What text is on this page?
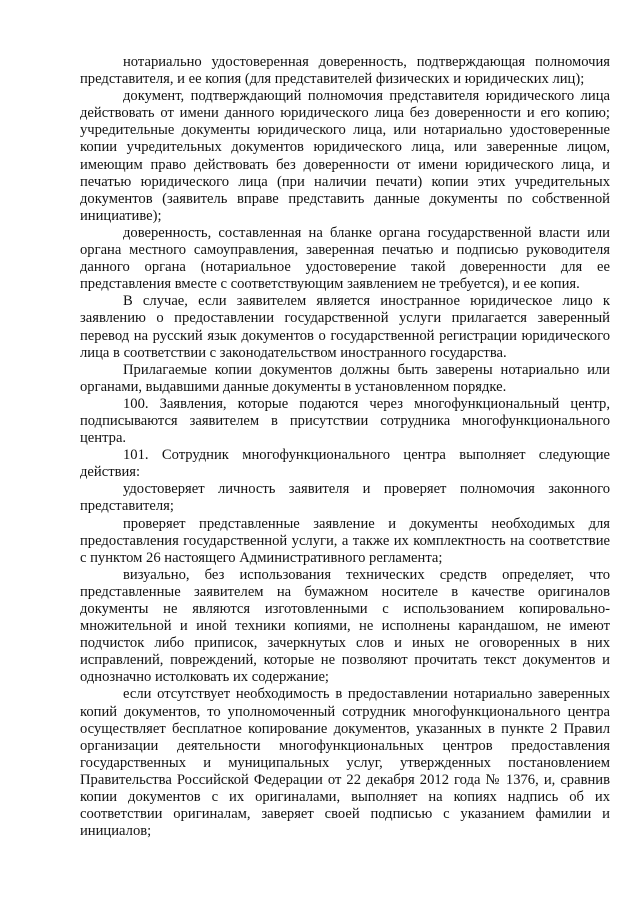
нотариально удостоверенная доверенность, подтверждающая полномочия представителя, и ее копия (для представителей физических и юридических лиц);

документ, подтверждающий полномочия представителя юридического лица действовать от имени данного юридического лица без доверенности и его копию; учредительные документы юридического лица, или нотариально удостоверенные копии учредительных документов юридического лица, или заверенные лицом, имеющим право действовать без доверенности от имени юридического лица, и печатью юридического лица (при наличии печати) копии этих учредительных документов (заявитель вправе представить данные документы по собственной инициативе);

доверенность, составленная на бланке органа государственной власти или органа местного самоуправления, заверенная печатью и подписью руководителя данного органа (нотариальное удостоверение такой доверенности для ее представления вместе с соответствующим заявлением не требуется), и ее копия.

В случае, если заявителем является иностранное юридическое лицо к заявлению о предоставлении государственной услуги прилагается заверенный перевод на русский язык документов о государственной регистрации юридического лица в соответствии с законодательством иностранного государства.

Прилагаемые копии документов должны быть заверены нотариально или органами, выдавшими данные документы в установленном порядке.

100. Заявления, которые подаются через многофункциональный центр, подписываются заявителем в присутствии сотрудника многофункционального центра.

101. Сотрудник многофункционального центра выполняет следующие действия:

удостоверяет личность заявителя и проверяет полномочия законного представителя;

проверяет представленные заявление и документы необходимых для предоставления государственной услуги, а также их комплектность на соответствие с пунктом 26 настоящего Административного регламента;

визуально, без использования технических средств определяет, что представленные заявителем на бумажном носителе в качестве оригиналов документы не являются изготовленными с использованием копировально-множительной и иной техники копиями, не исполнены карандашом, не имеют подчисток либо приписок, зачеркнутых слов и иных не оговоренных в них исправлений, повреждений, которые не позволяют прочитать текст документов и однозначно истолковать их содержание;

если отсутствует необходимость в предоставлении нотариально заверенных копий документов, то уполномоченный сотрудник многофункционального центра осуществляет бесплатное копирование документов, указанных в пункте 2 Правил организации деятельности многофункциональных центров предоставления государственных и муниципальных услуг, утвержденных постановлением Правительства Российской Федерации от 22 декабря 2012 года № 1376, и, сравнив копии документов с их оригиналами, выполняет на копиях надпись об их соответствии оригиналам, заверяет своей подписью с указанием фамилии и инициалов;
